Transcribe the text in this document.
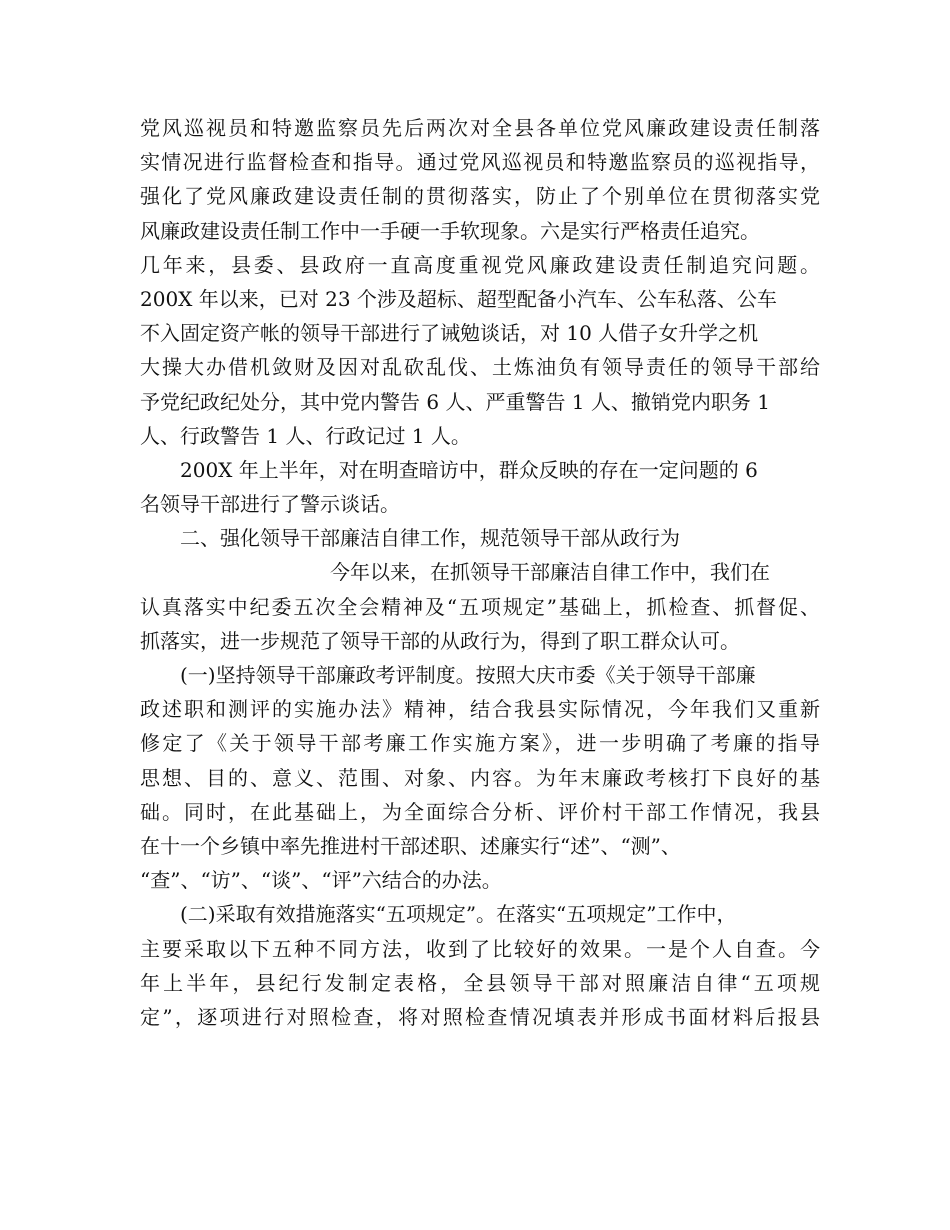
党风巡视员和特邀监察员先后两次对全县各单位党风廉政建设责任制落
实情况进行监督检查和指导。通过党风巡视员和特邀监察员的巡视指导，
强化了党风廉政建设责任制的贯彻落实，防止了个别单位在贯彻落实党
风廉政建设责任制工作中一手硬一手软现象。六是实行严格责任追究。
几年来，县委、县政府一直高度重视党风廉政建设责任制追究问题。
200X 年以来，已对 23 个涉及超标、超型配备小汽车、公车私落、公车
不入固定资产帐的领导干部进行了诫勉谈话，对 10 人借子女升学之机
大操大办借机敛财及因对乱砍乱伐、土炼油负有领导责任的领导干部给
予党纪政纪处分，其中党内警告 6 人、严重警告 1 人、撤销党内职务 1
人、行政警告 1 人、行政记过 1 人。
200X 年上半年，对在明查暗访中，群众反映的存在一定问题的 6
名领导干部进行了警示谈话。
二、强化领导干部廉洁自律工作，规范领导干部从政行为
今年以来，在抓领导干部廉洁自律工作中，我们在
认真落实中纪委五次全会精神及“五项规定”基础上，抓检查、抓督促、
抓落实，进一步规范了领导干部的从政行为，得到了职工群众认可。
(一)坚持领导干部廉政考评制度。按照大庆市委《关于领导干部廉
政述职和测评的实施办法》精神，结合我县实际情况，今年我们又重新
修定了《关于领导干部考廉工作实施方案》，进一步明确了考廉的指导
思想、目的、意义、范围、对象、内容。为年末廉政考核打下良好的基
础。同时，在此基础上，为全面综合分析、评价村干部工作情况，我县
在十一个乡镇中率先推进村干部述职、述廉实行“述”、“测”、
“查”、“访”、“谈”、“评”六结合的办法。
(二)采取有效措施落实“五项规定”。在落实“五项规定”工作中，
主要采取以下五种不同方法，收到了比较好的效果。一是个人自查。今
年上半年，县纪行发制定表格，全县领导干部对照廉洁自律“五项规
定”，逐项进行对照检查，将对照检查情况填表并形成书面材料后报县
